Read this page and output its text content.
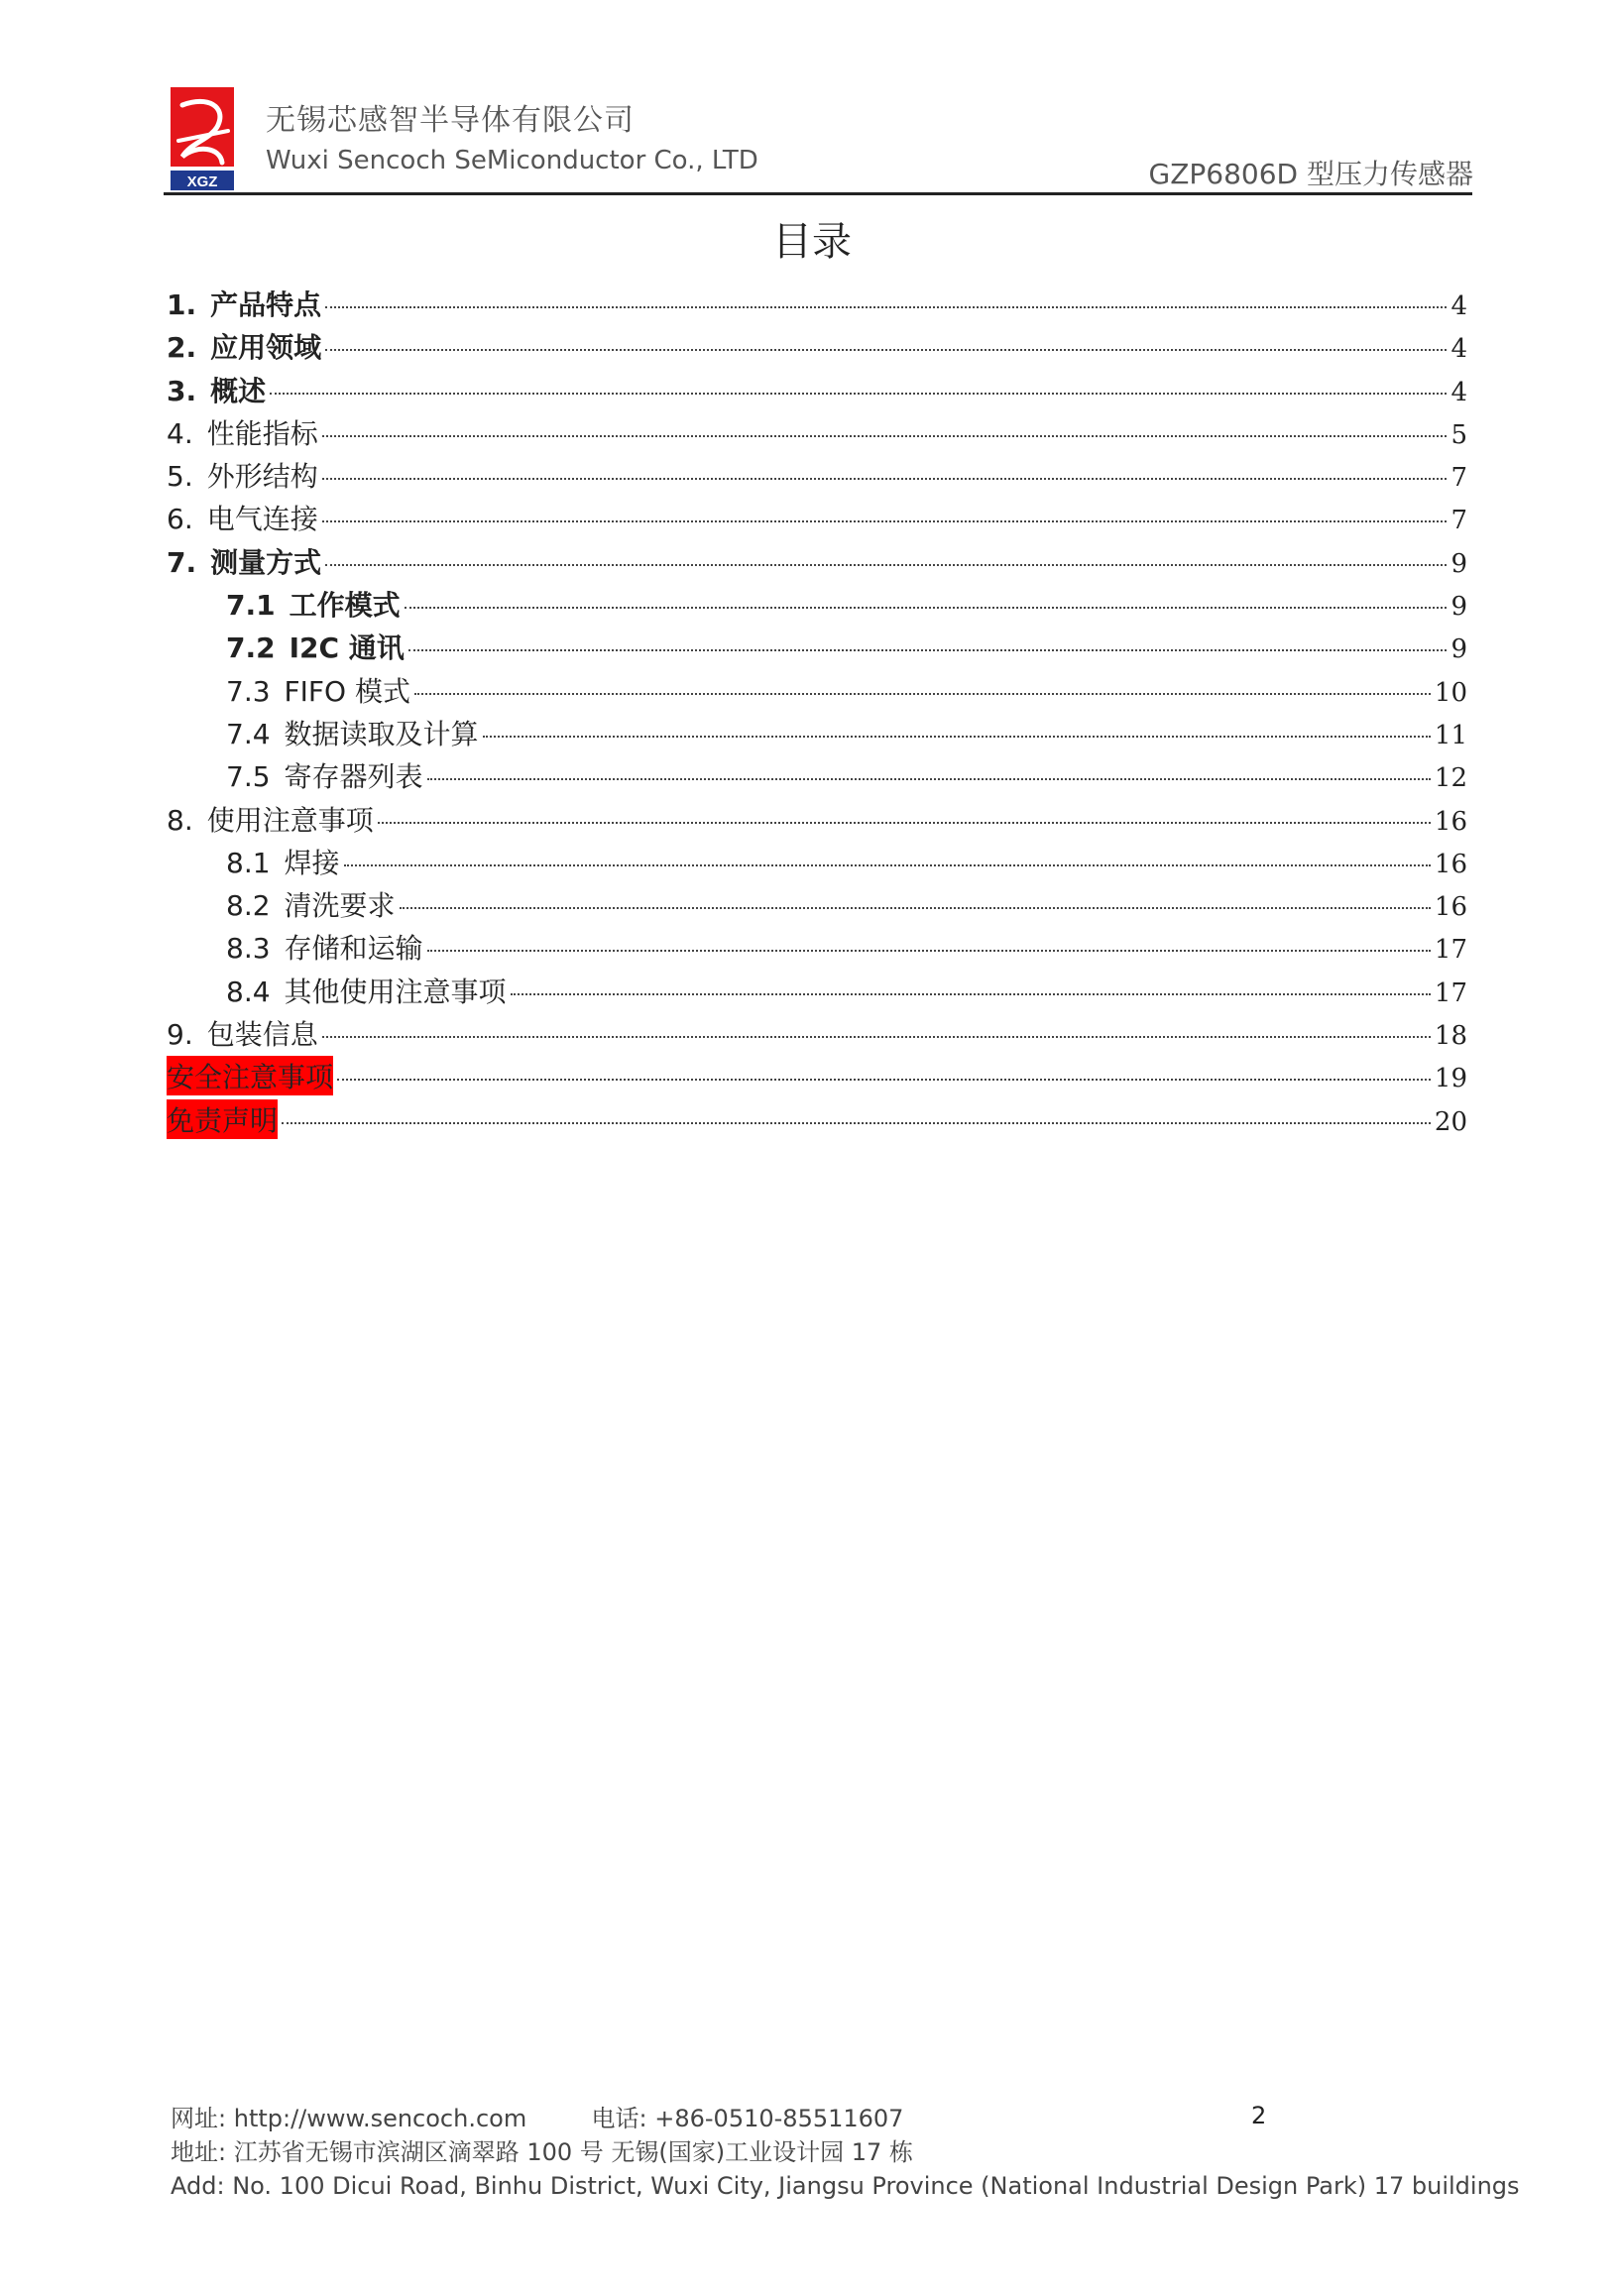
XGZ
无锡芯感智半导体有限公司
Wuxi Sencoch SeMiconductor Co., LTD	GZP6806D 型压力传感器
目录
1. 产品特点	4
2. 应用领域	4
3. 概述	4
4. 性能指标	5
5. 外形结构	7
6. 电气连接	7
7. 测量方式	9
7.1 工作模式	9
7.2 I2C 通讯	9
7.3 FIFO 模式	10
7.4 数据读取及计算	11
7.5 寄存器列表	12
8. 使用注意事项	16
8.1 焊接	16
8.2 清洗要求	16
8.3 存储和运输	17
8.4 其他使用注意事项	17
9. 包装信息	18
安全注意事项	19
免责声明	20
网址: http://www.sencoch.com	电话: +86-0510-85511607
地址: 江苏省无锡市滨湖区滴翠路 100 号 无锡(国家)工业设计园 17 栋
Add: No. 100 Dicui Road, Binhu District, Wuxi City, Jiangsu Province (National Industrial Design Park) 17 buildings
2
